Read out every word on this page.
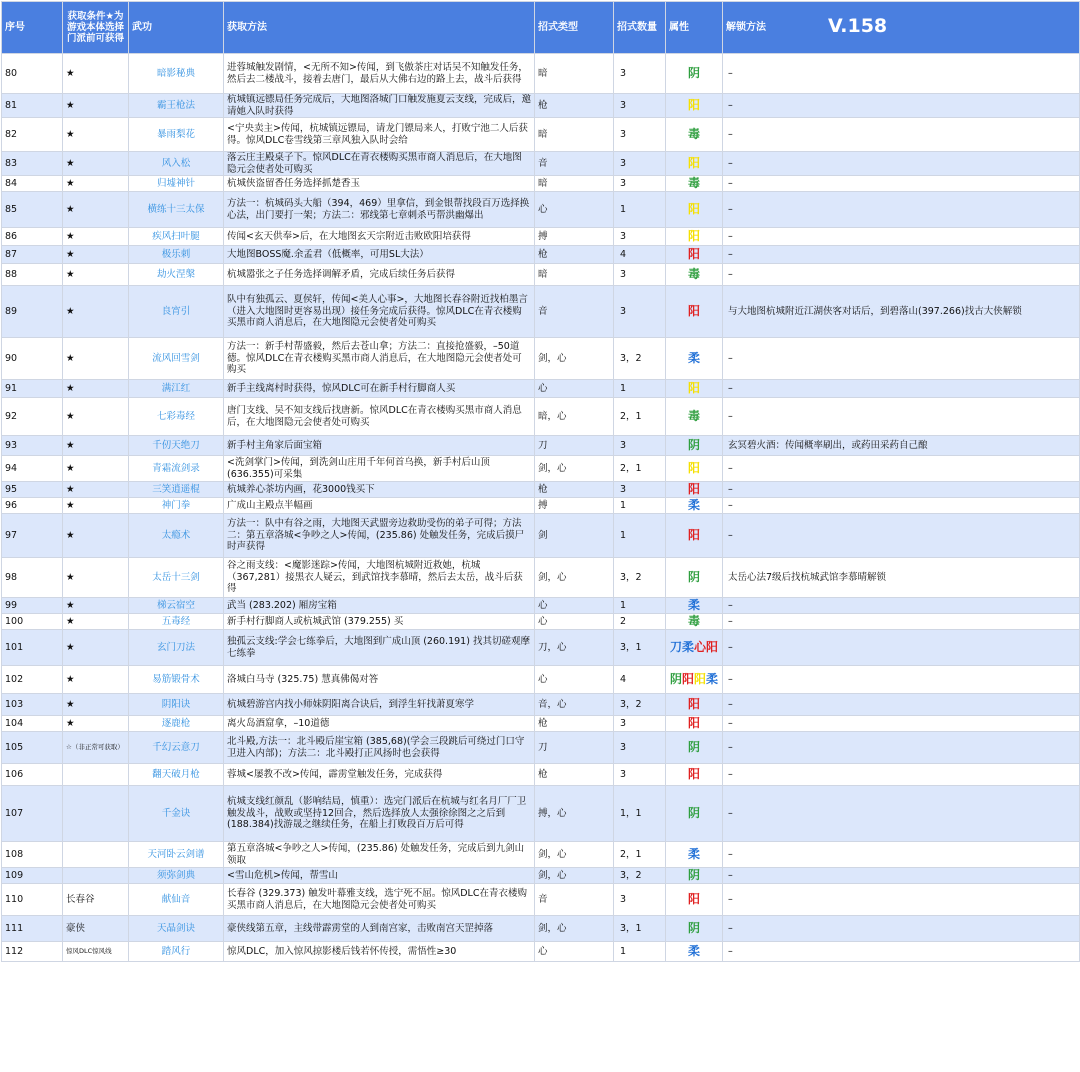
序号	获取条件★为游戏本体选择门派前可获得	武功	获取方法	招式类型	招式数量	属性	解锁方法 V.158
80	★	暗影秘典	进蓉城触发剧情，<无所不知>传闻，到飞傲茶庄对话吴不知触发任务，然后去二楼战斗，接着去唐门，最后从大佛右边的路上去，战斗后获得	暗	3	阴	–
81	★	霸王枪法	杭城镇远镖局任务完成后，大地图洛城门口触发施夏云支线，完成后，邀请她入队时获得	枪	3	阳	–
82	★	暴雨梨花	<宁央卖主>传闻，杭城镇远镖局，请龙门镖局来人，打败宁池二人后获得。惊风DLC卷雪线第三章风独入队时会给	暗	3	毒	–
83	★	风入松	落云庄主殿桌子下。惊风DLC在青衣楼购买黑市商人消息后，在大地图隐元会使者处可购买	音	3	阳	–
84	★	归墟神针	杭城侠盗留香任务选择抓楚香玉	暗	3	毒	–
85	★	横练十三太保	方法一：杭城码头大船（394，469）里拿信，到金银帮找段百万选择换心法，出门要打一架；方法二：邪线第七章刺杀丐帮洪幽爆出	心	1	阳	–
86	★	疾风扫叶腿	传闻<玄天供奉>后，在大地图玄天宗附近击败欧阳培获得	搏	3	阳	–
87	★	极乐刺	大地图BOSS魔.余孟君（低概率，可用SL大法）	枪	4	阳	–
88	★	劫火涅槃	杭城嚣张之子任务选择调解矛盾，完成后续任务后获得	暗	3	毒	–
89	★	良宵引	队中有独孤云、夏侯轩，传闻<美人心事>，大地图长春谷附近找柏墨言（进入大地图时更容易出现）接任务完成后获得。惊风DLC在青衣楼购买黑市商人消息后，在大地图隐元会使者处可购买	音	3	阳	与大地图杭城附近江湖侠客对话后，到碧落山(397.266)找古大侠解锁
90	★	流风回雪剑	方法一：新手村帮盛毅，然后去苍山拿；方法二：直接抢盛毅，–50道德。惊风DLC在青衣楼购买黑市商人消息后，在大地图隐元会使者处可购买	剑，心	3，2	柔	–
91	★	满江红	新手主线离村时获得，惊风DLC可在新手村行脚商人买	心	1	阳	–
92	★	七彩毒经	唐门支线、吴不知支线后找唐新。惊风DLC在青衣楼购买黑市商人消息后，在大地图隐元会使者处可购买	暗，心	2，1	毒	–
93	★	千仞天绝刀	新手村主角家后面宝箱	刀	3	阴	玄冥碧火酒：传闻概率刷出，或药田采药自己酿
94	★	青霜流剑录	<洗剑掌门>传闻，到洗剑山庄用千年何首乌换，新手村后山顶(636.355)可采集	剑，心	2，1	阳	–
95	★	三笑逍遥棍	杭城养心茶坊内画，花3000钱买下	枪	3	阳	–
96	★	神门拳	广成山主殿点半幅画	搏	1	柔	–
97	★	太瘾术	方法一：队中有谷之雨，大地图天武盟旁边救助受伤的弟子可得；方法二：第五章洛城<争吵之人>传闻，(235.86) 处触发任务，完成后摸尸时声获得	剑	1	阳	–
98	★	太岳十三剑	谷之雨支线：<魔影迷踪>传闻，大地图杭城附近救她，杭城（367,281）接黑衣人疑云，到武馆找李慕晴，然后去太岳，战斗后获得	剑，心	3，2	阴	太岳心法7级后找杭城武馆李慕晴解锁
99	★	梯云宿空	武当 (283.202) 厢房宝箱	心	1	柔	–
100	★	五毒经	新手村行脚商人或杭城武馆 (379.255) 买	心	2	毒	–
101	★	玄门刀法	独孤云支线:学会七练拳后，大地图到广成山顶 (260.191) 找其切磋观摩七练拳	刀，心	3，1	刀柔心阳	–
102	★	易筋锻骨术	洛城白马寺 (325.75) 慧真佛偈对答	心	4	阴阳阳柔	–
103	★	阴阳诀	杭城碧游宫内找小师妹阴阳离合诀后，到浮生轩找萧夏寒学	音，心	3，2	阳	–
104	★	逐鹿枪	离火岛酒窟拿，–10道德	枪	3	阳	–
105	☆（非正常可获取）	千幻云意刀	北斗殿,方法一：北斗殿后崖宝箱 (385,68)(学会三段跳后可绕过门口守卫进入内部)；方法二：北斗殿打正风扬时也会获得	刀	3	阴	–
106		翻天破月枪	蓉城<屡教不改>传闻，霹雳堂触发任务，完成获得	枪	3	阳	–
107		千金诀	杭城支线红颜乱（影响结局，慎重）：选完门派后在杭城与红名月厂厂卫触发战斗，战败或坚持12回合，然后选择放人太强徐徐图之之后到(188.384)找游晟之继续任务，在船上打败段百万后可得	搏，心	1，1	阴	–
108		天河卧云剑谱	第五章洛城<争吵之人>传闻，(235.86) 处触发任务，完成后到九剑山领取	剑，心	2，1	柔	–
109		须弥剑典	<雪山危机>传闻，帮雪山	剑，心	3，2	阴	–
110	长春谷	献仙音	长春谷 (329.373) 触发叶幕雅支线，选宁死不屈。惊风DLC在青衣楼购买黑市商人消息后，在大地图隐元会使者处可购买	音	3	阳	–
111	豪侠	天晶剑诀	豪侠线第五章，主线带霹雳堂的人到南宫家，击败南宫天罡掉落	剑，心	3，1	阴	–
112	惊风DLC惊风线	踏风行	惊风DLC，加入惊风掠影楼后钱若怀传授，需悟性≥30	心	1	柔	–
